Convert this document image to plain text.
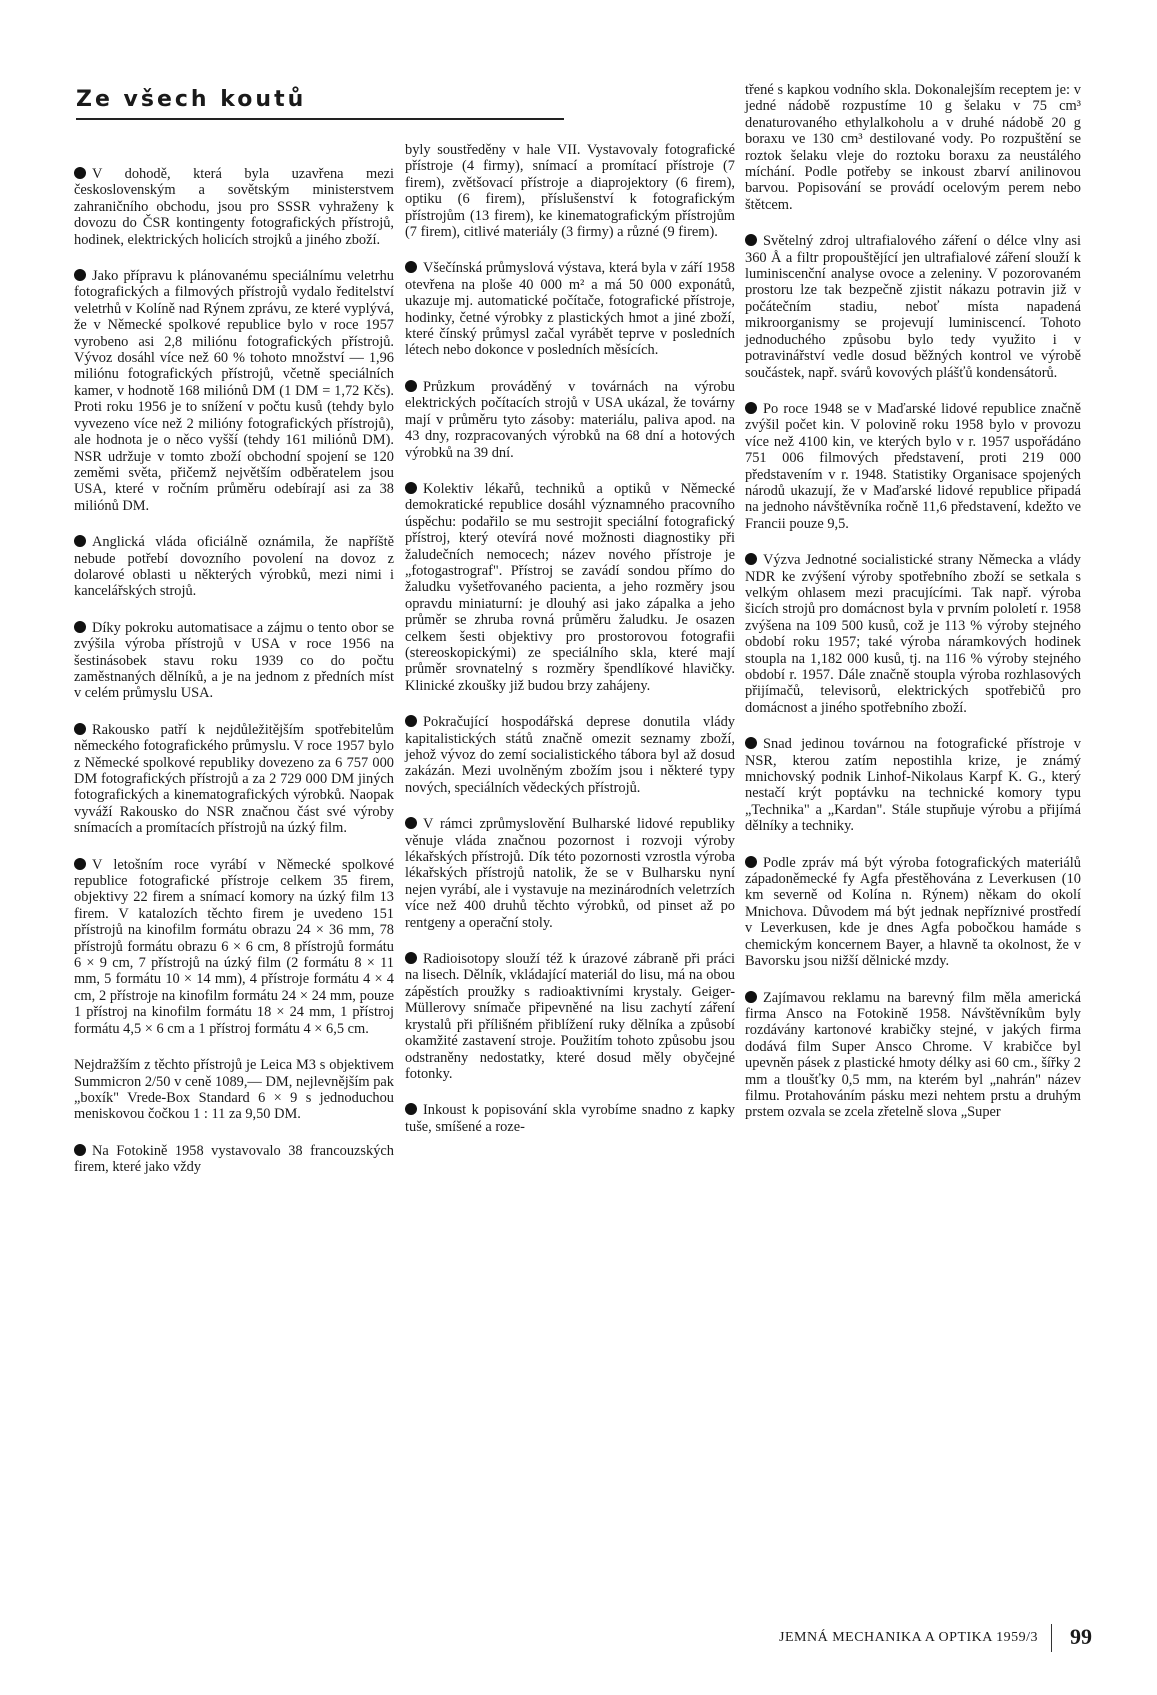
Ze všech koutů

V dohodě, která byla uzavřena mezi československým a sovětským ministerstvem zahraničního obchodu, jsou pro SSSR vyhraženy k dovozu do ČSR kontingenty fotografických přístrojů, hodinek, elektrických holicích strojků a jiného zboží.

Jako přípravu k plánovanému speciálnímu veletrhu fotografických a filmových přístrojů vydalo ředitelství veletrhů v Kolíně nad Rýnem zprávu, ze které vyplývá, že v Německé spolkové republice bylo v roce 1957 vyrobeno asi 2,8 miliónu fotografických přístrojů. Vývoz dosáhl více než 60 % tohoto množství — 1,96 miliónu fotografických přístrojů, včetně speciálních kamer, v hodnotě 168 miliónů DM (1 DM = 1,72 Kčs). Proti roku 1956 je to snížení v počtu kusů (tehdy bylo vyvezeno více než 2 milióny fotografických přístrojů), ale hodnota je o něco vyšší (tehdy 161 miliónů DM). NSR udržuje v tomto zboží obchodní spojení se 120 zeměmi světa, přičemž největším odběratelem jsou USA, které v ročním průměru odebírají asi za 38 miliónů DM.

Anglická vláda oficiálně oznámila, že napříště nebude potřebí dovozního povolení na dovoz z dolarové oblasti u některých výrobků, mezi nimi i kancelářských strojů.

Díky pokroku automatisace a zájmu o tento obor se zvýšila výroba přístrojů v USA v roce 1956 na šestinásobek stavu roku 1939 co do počtu zaměstnaných dělníků, a je na jednom z předních míst v celém průmyslu USA.

Rakousko patří k nejdůležitějším spotřebitelům německého fotografického průmyslu. V roce 1957 bylo z Německé spolkové republiky dovezeno za 6 757 000 DM fotografických přístrojů a za 2 729 000 DM jiných fotografických a kinematografických výrobků. Naopak vyváží Rakousko do NSR značnou část své výroby snímacích a promítacích přístrojů na úzký film.

V letošním roce vyrábí v Německé spolkové republice fotografické přístroje celkem 35 firem, objektivy 22 firem a snímací komory na úzký film 13 firem. V katalozích těchto firem je uvedeno 151 přístrojů na kinofilm formátu obrazu 24 × 36 mm, 78 přístrojů formátu obrazu 6 × 6 cm, 8 přístrojů formátu 6 × 9 cm, 7 přístrojů na úzký film (2 formátu 8 × 11 mm, 5 formátu 10 × 14 mm), 4 přístroje formátu 4 × 4 cm, 2 přístroje na kinofilm formátu 24 × 24 mm, pouze 1 přístroj na kinofilm formátu 18 × 24 mm, 1 přístroj formátu 4,5 × 6 cm a 1 přístroj formátu 4 × 6,5 cm.

Nejdražším z těchto přístrojů je Leica M3 s objektivem Summicron 2/50 v ceně 1089,— DM, nejlevnějším pak „boxík" Vrede-Box Standard 6 × 9 s jednoduchou meniskovou čočkou 1 : 11 za 9,50 DM.

Na Fotokině 1958 vystavovalo 38 francouzských firem, které jako vždy

byly soustředěny v hale VII. Vystavovaly fotografické přístroje (4 firmy), snímací a promítací přístroje (7 firem), zvětšovací přístroje a diaprojektory (6 firem), optiku (6 firem), příslušenství k fotografickým přístrojům (13 firem), ke kinematografickým přístrojům (7 firem), citlivé materiály (3 firmy) a různé (9 firem).

Všečínská průmyslová výstava, která byla v září 1958 otevřena na ploše 40 000 m² a má 50 000 exponátů, ukazuje mj. automatické počítače, fotografické přístroje, hodinky, četné výrobky z plastických hmot a jiné zboží, které čínský průmysl začal vyrábět teprve v posledních létech nebo dokonce v posledních měsících.

Průzkum prováděný v továrnách na výrobu elektrických počítacích strojů v USA ukázal, že továrny mají v průměru tyto zásoby: materiálu, paliva apod. na 43 dny, rozpracovaných výrobků na 68 dní a hotových výrobků na 39 dní.

Kolektiv lékařů, techniků a optiků v Německé demokratické republice dosáhl významného pracovního úspěchu: podařilo se mu sestrojit speciální fotografický přístroj, který otevírá nové možnosti diagnostiky při žaludečních nemocech; název nového přístroje je „fotogastrograf". Přístroj se zavádí sondou přímo do žaludku vyšetřovaného pacienta, a jeho rozměry jsou opravdu miniaturní: je dlouhý asi jako zápalka a jeho průměr se zhruba rovná průměru žaludku. Je osazen celkem šesti objektivy pro prostorovou fotografii (stereoskopickými) ze speciálního skla, které mají průměr srovnatelný s rozměry špendlíkové hlavičky. Klinické zkoušky již budou brzy zahájeny.

Pokračující hospodářská deprese donutila vlády kapitalistických států značně omezit seznamy zboží, jehož vývoz do zemí socialistického tábora byl až dosud zakázán. Mezi uvolněným zbožím jsou i některé typy nových, speciálních vědeckých přístrojů.

V rámci zprůmyslovění Bulharské lidové republiky věnuje vláda značnou pozornost i rozvoji výroby lékařských přístrojů. Dík této pozornosti vzrostla výroba lékařských přístrojů natolik, že se v Bulharsku nyní nejen vyrábí, ale i vystavuje na mezinárodních veletrzích více než 400 druhů těchto výrobků, od pinset až po rentgeny a operační stoly.

Radioisotopy slouží též k úrazové zábraně při práci na lisech. Dělník, vkládající materiál do lisu, má na obou zápěstích proužky s radioaktivními krystaly. Geiger-Müllerovy snímače připevněné na lisu zachytí záření krystalů při přílišném přiblížení ruky dělníka a způsobí okamžité zastavení stroje. Použitím tohoto způsobu jsou odstraněny nedostatky, které dosud měly obyčejné fotonky.

Inkoust k popisování skla vyrobíme snadno z kapky tuše, smíšené a roze-

třené s kapkou vodního skla. Dokonalejším receptem je: v jedné nádobě rozpustíme 10 g šelaku v 75 cm³ denaturovaného ethylalkoholu a v druhé nádobě 20 g boraxu ve 130 cm³ destilované vody. Po rozpuštění se roztok šelaku vleje do roztoku boraxu za neustálého míchání. Podle potřeby se inkoust zbarví anilinovou barvou. Popisování se provádí ocelovým perem nebo štětcem.

Světelný zdroj ultrafialového záření o délce vlny asi 360 Å a filtr propouštějící jen ultrafialové záření slouží k luminiscenční analyse ovoce a zeleniny. V pozorovaném prostoru lze tak bezpečně zjistit nákazu potravin již v počátečním stadiu, neboť místa napadená mikroorganismy se projevují luminiscencí. Tohoto jednoduchého způsobu bylo tedy využito i v potravinářství vedle dosud běžných kontrol ve výrobě součástek, např. svárů kovových plášťů kondensátorů.

Po roce 1948 se v Maďarské lidové republice značně zvýšil počet kin. V polovině roku 1958 bylo v provozu více než 4100 kin, ve kterých bylo v r. 1957 uspořádáno 751 006 filmových představení, proti 219 000 představením v r. 1948. Statistiky Organisace spojených národů ukazují, že v Maďarské lidové republice připadá na jednoho návštěvníka ročně 11,6 představení, kdežto ve Francii pouze 9,5.

Výzva Jednotné socialistické strany Německa a vlády NDR ke zvýšení výroby spotřebního zboží se setkala s velkým ohlasem mezi pracujícími. Tak např. výroba šicích strojů pro domácnost byla v prvním pololetí r. 1958 zvýšena na 109 500 kusů, což je 113 % výroby stejného období roku 1957; také výroba náramkových hodinek stoupla na 1,182 000 kusů, tj. na 116 % výroby stejného období r. 1957. Dále značně stoupla výroba rozhlasových přijímačů, televisorů, elektrických spotřebičů pro domácnost a jiného spotřebního zboží.

Snad jedinou továrnou na fotografické přístroje v NSR, kterou zatím nepostihla krize, je známý mnichovský podnik Linhof-Nikolaus Karpf K. G., který nestačí krýt poptávku na technické komory typu „Technika" a „Kardan". Stále stupňuje výrobu a přijímá dělníky a techniky.

Podle zpráv má být výroba fotografických materiálů západoněmecké fy Agfa přestěhována z Leverkusen (10 km severně od Kolína n. Rýnem) někam do okolí Mnichova. Důvodem má být jednak nepříznivé prostředí v Leverkusen, kde je dnes Agfa pobočkou hamáde s chemickým koncernem Bayer, a hlavně ta okolnost, že v Bavorsku jsou nižší dělnické mzdy.

Zajímavou reklamu na barevný film měla americká firma Ansco na Fotokině 1958. Návštěvníkům byly rozdávány kartonové krabičky stejné, v jakých firma dodává film Super Ansco Chrome. V krabičce byl upevněn pásek z plastické hmoty délky asi 60 cm., šířky 2 mm a tloušťky 0,5 mm, na kterém byl „nahrán" název filmu. Protahováním pásku mezi nehtem prstu a druhým prstem ozvala se zcela zřetelně slova „Super

JEMNÁ MECHANIKA A OPTIKA 1959/3 99
